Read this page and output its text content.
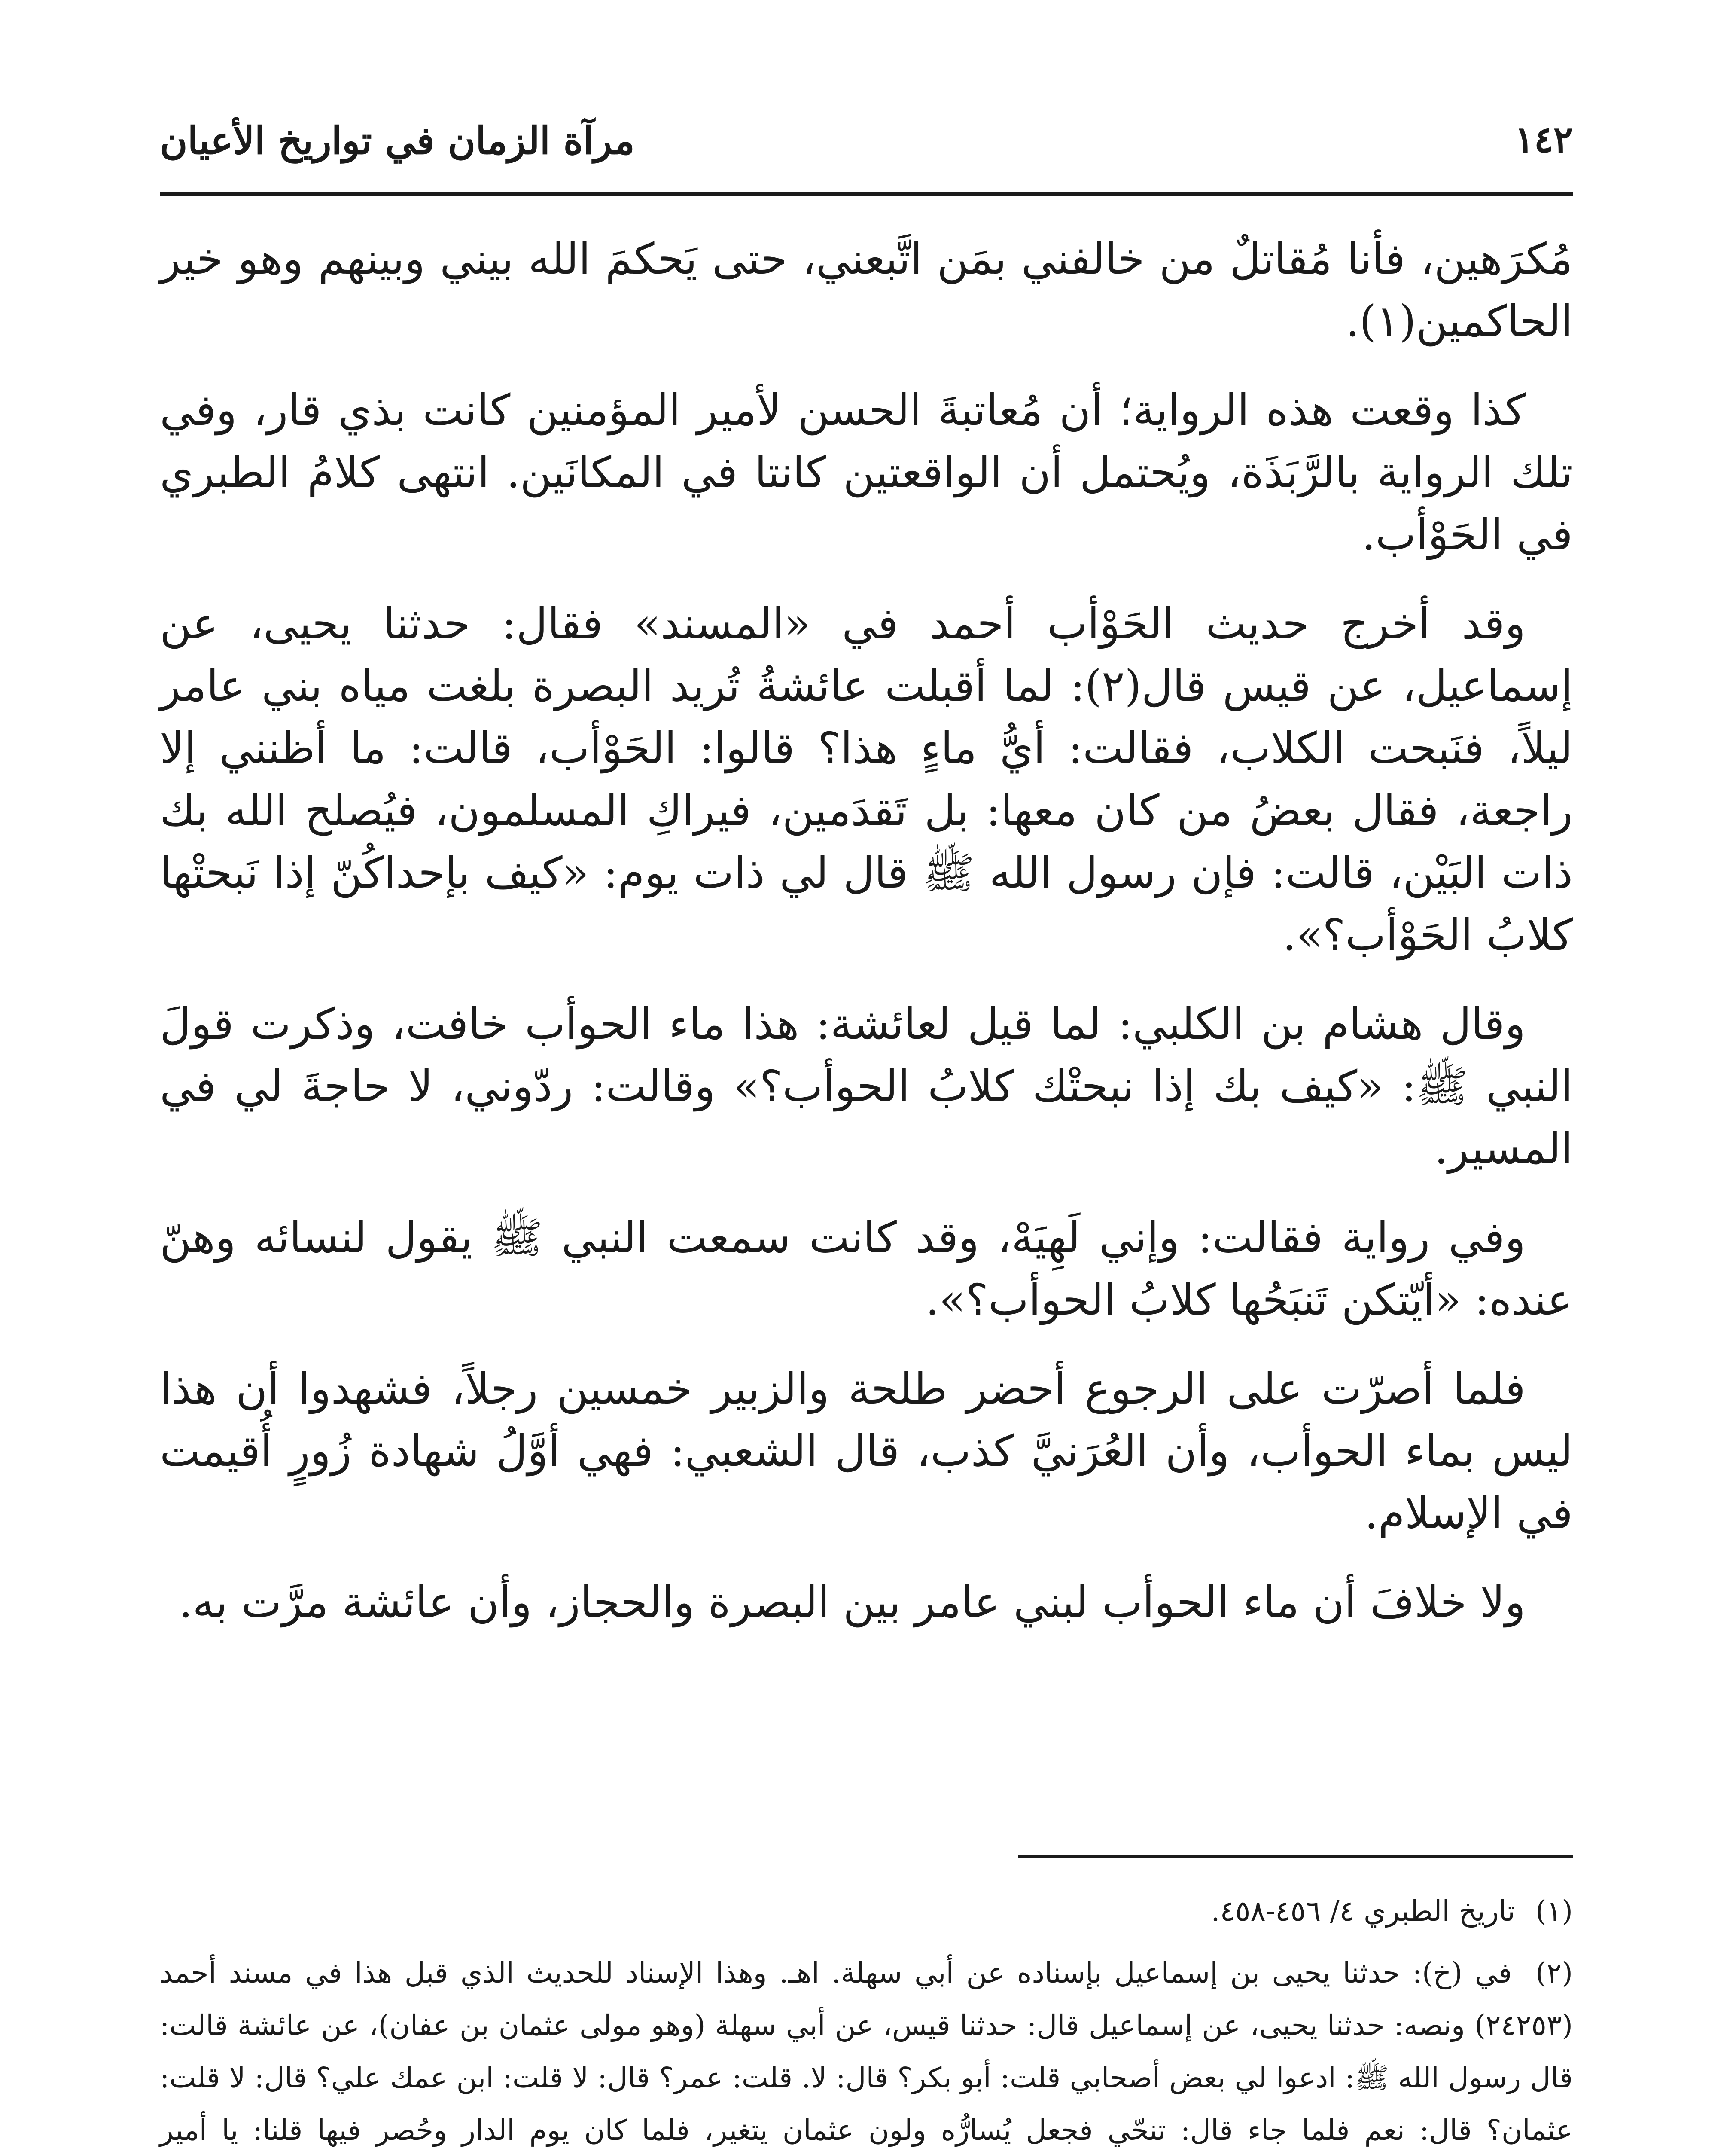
١٤٢

مرآة الزمان في تواريخ الأعيان

مُكرَهين، فأنا مُقاتلٌ من خالفني بمَن اتَّبعني، حتى يَحكمَ الله بيني وبينهم وهو خير الحاكمين(١).

كذا وقعت هذه الرواية؛ أن مُعاتبةَ الحسن لأمير المؤمنين كانت بذي قار، وفي تلك الرواية بالرَّبَذَة، ويُحتمل أن الواقعتين كانتا في المكانَين. انتهى كلامُ الطبري في الحَوْأب.

وقد أخرج حديث الحَوْأب أحمد في «المسند» فقال: حدثنا يحيى، عن إسماعيل، عن قيس قال(٢): لما أقبلت عائشةُ تُريد البصرة بلغت مياه بني عامر ليلاً، فنَبحت الكلاب، فقالت: أيُّ ماءٍ هذا؟ قالوا: الحَوْأب، قالت: ما أظنني إلا راجعة، فقال بعضُ من كان معها: بل تَقدَمين، فيراكِ المسلمون، فيُصلح الله بك ذات البَيْن، قالت: فإن رسول الله ﷺ قال لي ذات يوم: «كيف بإحداكُنّ إذا نَبحتْها كلابُ الحَوْأب؟».

وقال هشام بن الكلبي: لما قيل لعائشة: هذا ماء الحوأب خافت، وذكرت قولَ النبي ﷺ: «كيف بك إذا نبحتْك كلابُ الحوأب؟» وقالت: ردّوني، لا حاجةَ لي في المسير.

وفي رواية فقالت: وإني لَهِيَهْ، وقد كانت سمعت النبي ﷺ يقول لنسائه وهنّ عنده: «أيّتكن تَنبَحُها كلابُ الحوأب؟».

فلما أصرّت على الرجوع أحضر طلحة والزبير خمسين رجلاً، فشهدوا أن هذا ليس بماء الحوأب، وأن العُرَنيَّ كذب، قال الشعبي: فهي أوَّلُ شهادة زُورٍ أُقيمت في الإسلام.

ولا خلافَ أن ماء الحوأب لبني عامر بين البصرة والحجاز، وأن عائشة مرَّت به.

(١) تاريخ الطبري ٤/ ٤٥٦-٤٥٨.

(٢) في (خ): حدثنا يحيى بن إسماعيل بإسناده عن أبي سهلة. اهـ. وهذا الإسناد للحديث الذي قبل هذا في مسند أحمد (٢٤٢٥٣) ونصه: حدثنا يحيى، عن إسماعيل قال: حدثنا قيس، عن أبي سهلة (وهو مولى عثمان بن عفان)، عن عائشة قالت: قال رسول الله ﷺ: ادعوا لي بعض أصحابي قلت: أبو بكر؟ قال: لا. قلت: عمر؟ قال: لا قلت: ابن عمك علي؟ قال: لا قلت: عثمان؟ قال: نعم فلما جاء قال: تنحّي فجعل يُسارُّه ولون عثمان يتغير، فلما كان يوم الدار وحُصر فيها قلنا: يا أمير
